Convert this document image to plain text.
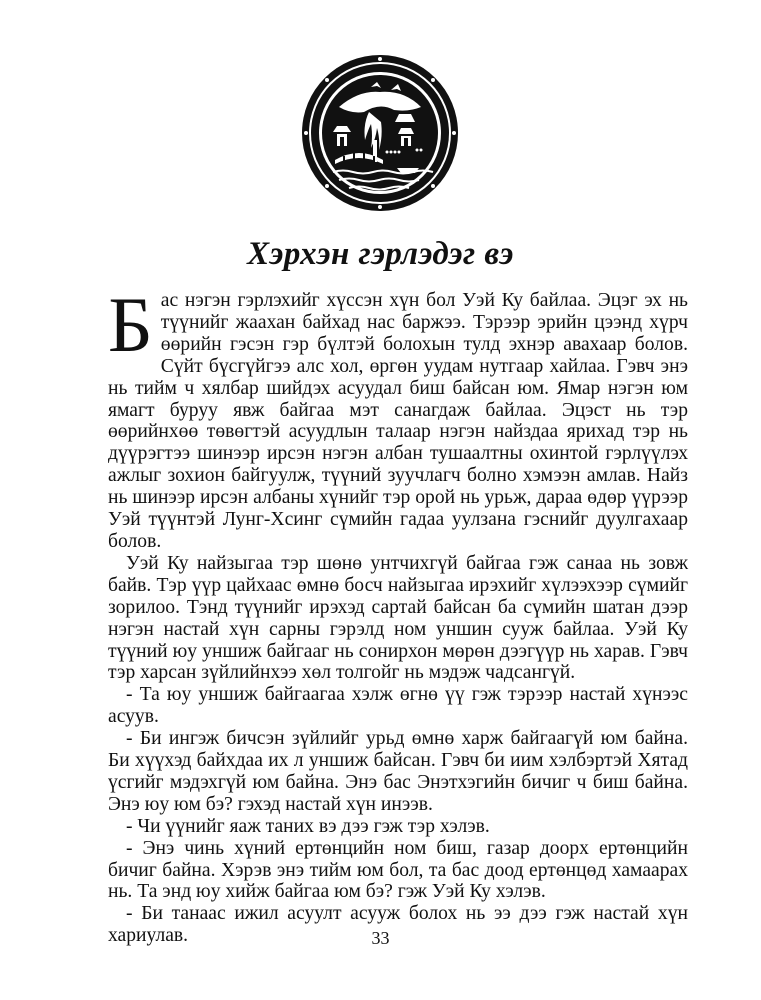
Хэрхэн гэрлэдэг вэ

Бас нэгэн гэрлэхийг хүссэн хүн бол Уэй Ку байлаа. Эцэг эх нь түүнийг жаахан байхад нас баржээ. Тэрээр эрийн цээнд хүрч өөрийн гэсэн гэр бүлтэй болохын тулд эхнэр авахаар болов. Сүйт бүсгүйгээ алс хол, өргөн уудам нутгаар хайлаа. Гэвч энэ нь тийм ч хялбар шийдэх асуудал биш байсан юм. Ямар нэгэн юм ямагт буруу явж байгаа мэт санагдаж байлаа. Эцэст нь тэр өөрийнхөө төвөгтэй асуудлын талаар нэгэн найздаа ярихад тэр нь дүүрэгтээ шинээр ирсэн нэгэн албан тушаалтны охинтой гэрлүүлэх ажлыг зохион байгуулж, түүний зуучлагч болно хэмээн амлав. Найз нь шинээр ирсэн албаны хүнийг тэр орой нь урьж, дараа өдөр үүрээр Уэй түүнтэй Лунг-Хсинг сүмийн гадаа уулзана гэснийг дуулгахаар болов.

Уэй Ку найзыгаа тэр шөнө унтчихгүй байгаа гэж санаа нь зовж байв. Тэр үүр цайхаас өмнө босч найзыгаа ирэхийг хүлээхээр сүмийг зорилоо. Тэнд түүнийг ирэхэд сартай байсан ба сүмийн шатан дээр нэгэн настай хүн сарны гэрэлд ном уншин сууж байлаа. Уэй Ку түүний юу уншиж байгааг нь сонирхон мөрөн дээгүүр нь харав. Гэвч тэр харсан зүйлийнхээ хөл толгойг нь мэдэж чадсангүй.

- Та юу уншиж байгаагаа хэлж өгнө үү гэж тэрээр настай хүнээс асуув.

- Би ингэж бичсэн зүйлийг урьд өмнө харж байгаагүй юм байна. Би хүүхэд байхдаа их л уншиж байсан. Гэвч би иим хэлбэртэй Хятад үсгийг мэдэхгүй юм байна. Энэ бас Энэтхэгийн бичиг ч биш байна. Энэ юу юм бэ? гэхэд настай хүн инээв.

- Чи үүнийг яаж таних вэ дээ гэж тэр хэлэв.

- Энэ чинь хүний ертөнцийн ном биш, газар доорх ертөнцийн бичиг байна. Хэрэв энэ тийм юм бол, та бас доод ертөнцөд хамаарах нь. Та энд юу хийж байгаа юм бэ? гэж Уэй Ку хэлэв.

- Би танаас ижил асуулт асууж болох нь ээ дээ гэж настай хүн хариулав.	33
